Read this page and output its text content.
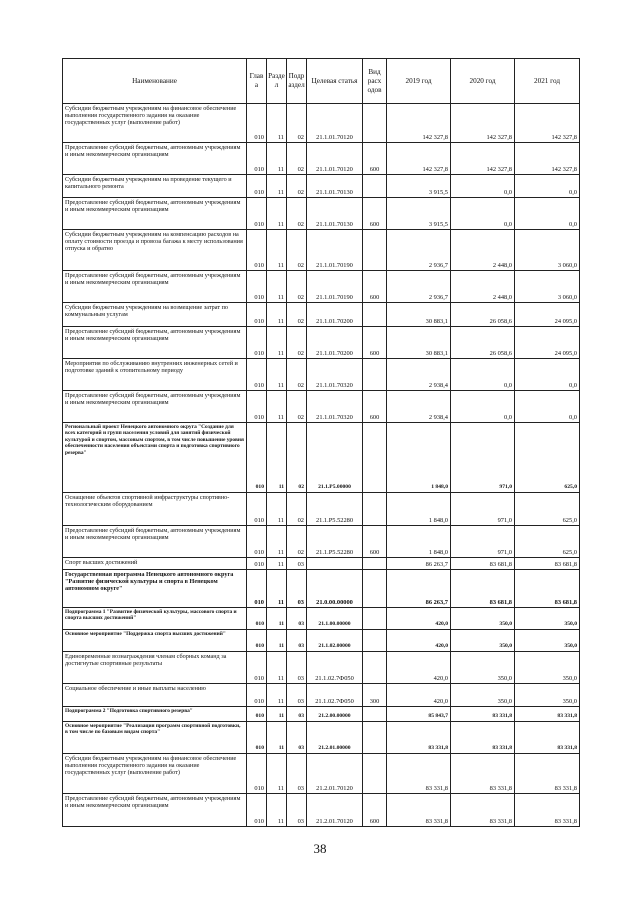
Наименование	Глав а	Разде л	Подр аздел	Целевая статья	Вид расх одов	2019 год	2020 год	2021 год
Субсидии бюджетным учреждениям на финансовое обеспечение выполнения государственного задания на оказание государственных услуг (выполнение работ)	010	11	02	21.1.01.70120		142 327,8	142 327,8	142 327,8
Предоставление субсидий бюджетным, автономным учреждениям и иным некоммерческим организациям	010	11	02	21.1.01.70120	600	142 327,8	142 327,8	142 327,8
Субсидии бюджетным учреждениям на проведение текущего и капитального ремонта	010	11	02	21.1.01.70130		3 915,5	0,0	0,0
Предоставление субсидий бюджетным, автономным учреждениям и иным некоммерческим организациям	010	11	02	21.1.01.70130	600	3 915,5	0,0	0,0
Субсидии бюджетным учреждениям на компенсацию расходов на оплату стоимости проезда и провоза багажа к месту использования отпуска и обратно	010	11	02	21.1.01.70190		2 936,7	2 448,0	3 060,0
Предоставление субсидий бюджетным, автономным учреждениям и иным некоммерческим организациям	010	11	02	21.1.01.70190	600	2 936,7	2 448,0	3 060,0
Субсидии бюджетным учреждениям на возмещение затрат по коммунальным услугам	010	11	02	21.1.01.70200		30 883,1	26 058,6	24 095,0
Предоставление субсидий бюджетным, автономным учреждениям и иным некоммерческим организациям	010	11	02	21.1.01.70200	600	30 883,1	26 058,6	24 095,0
Мероприятия по обслуживанию внутренних инженерных сетей и подготовке зданий к отопительному периоду	010	11	02	21.1.01.70320		2 938,4	0,0	0,0
Предоставление субсидий бюджетным, автономным учреждениям и иным некоммерческим организациям	010	11	02	21.1.01.70320	600	2 938,4	0,0	0,0
Региональный проект Ненецкого автономного округа "Создание для всех категорий и групп населения условий для занятий физической культурой и спортом, массовым спортом, в том числе повышение уровня обеспеченности населения объектами спорта и подготовка спортивного резерва"	010	11	02	21.1.P5.00000		1 848,0	971,0	625,0
Оснащение объектов спортивной инфраструктуры спортивно-технологическим оборудованием	010	11	02	21.1.P5.52280		1 848,0	971,0	625,0
Предоставление субсидий бюджетным, автономным учреждениям и иным некоммерческим организациям	010	11	02	21.1.P5.52280	600	1 848,0	971,0	625,0
Спорт высших достижений	010	11	03			86 263,7	83 681,8	83 681,8
Государственная программа Ненецкого автономного округа "Развитие физической культуры и спорта в Ненецком автономном округе"	010	11	03	21.0.00.00000		86 263,7	83 681,8	83 681,8
Подпрограмма 1 "Развитие физической культуры, массового спорта и спорта высших достижений"	010	11	03	21.1.00.00000		420,0	350,0	350,0
Основное мероприятие "Поддержка спорта высших достижений"	010	11	03	21.1.02.00000		420,0	350,0	350,0
Единовременные вознаграждения членам сборных команд за достигнутые спортивные результаты	010	11	03	21.1.02.7Ф050		420,0	350,0	350,0
Социальное обеспечение и иные выплаты населению	010	11	03	21.1.02.7Ф050	300	420,0	350,0	350,0
Подпрограмма 2 "Подготовка спортивного резерва"	010	11	03	21.2.00.00000		85 843,7	83 331,8	83 331,8
Основное мероприятие "Реализация программ спортивной подготовки, в том числе по базовым видам спорта"	010	11	03	21.2.01.00000		83 331,8	83 331,8	83 331,8
Субсидии бюджетным учреждениям на финансовое обеспечение выполнения государственного задания на оказание государственных услуг (выполнение работ)	010	11	03	21.2.01.70120		83 331,8	83 331,8	83 331,8
Предоставление субсидий бюджетным, автономным учреждениям и иным некоммерческим организациям	010	11	03	21.2.01.70120	600	83 331,8	83 331,8	83 331,8
38
